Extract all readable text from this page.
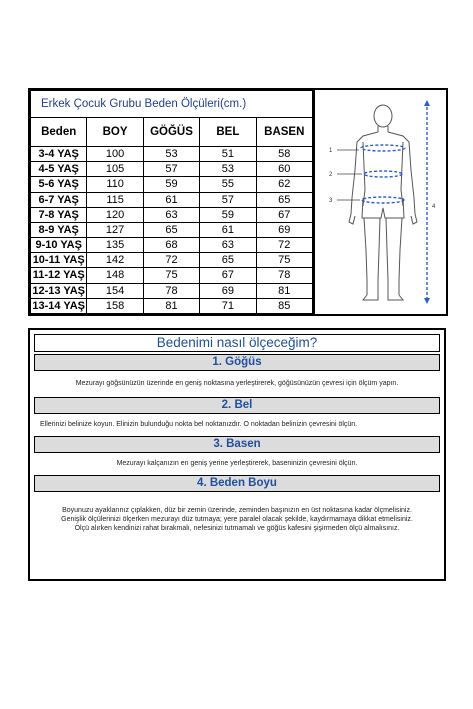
Erkek Çocuk Grubu Beden Ölçüleri(cm.)				
Beden	BOY	GÖĞÜS	BEL	BASEN
3-4 YAŞ	100	53	51	58
4-5 YAŞ	105	57	53	60
5-6 YAŞ	110	59	55	62
6-7 YAŞ	115	61	57	65
7-8 YAŞ	120	63	59	67
8-9 YAŞ	127	65	61	69
9-10 YAŞ	135	68	63	72
10-11 YAŞ	142	72	65	75
11-12 YAŞ	148	75	67	78
12-13 YAŞ	154	78	69	81
13-14 YAŞ	158	81	71	85
1
2
3
4
Bedenimi nasıl ölçeceğim?
1. Göğüs

Mezurayı göğsünüzün üzerinde en geniş noktasına yerleştirerek, göğüsünüzün çevresi için ölçüm yapın.

2. Bel

Ellerinizi belinize koyun. Elinizin bulunduğu nokta bel noktanızdır. O noktadan belinizin çevresini ölçün.

3. Basen

Mezurayı kalçanızın en geniş yerine yerleştirerek, baseninizin çevresini ölçün.

4. Beden Boyu

Boyunuzu ayaklarınız çıplakken, düz bir zemin üzerinde, zeminden başınızın en üst noktasına kadar ölçmelisiniz.

Genişlik ölçülerinizi ölçerken mezurayı düz tutmaya; yere paralel olacak şekilde, kaydırmamaya dikkat etmelisiniz.

Ölçü alırken kendinizi rahat bırakmalı, nefesinizi tutmamalı ve göğüs kafesini şişirmeden ölçü almalısınız.
